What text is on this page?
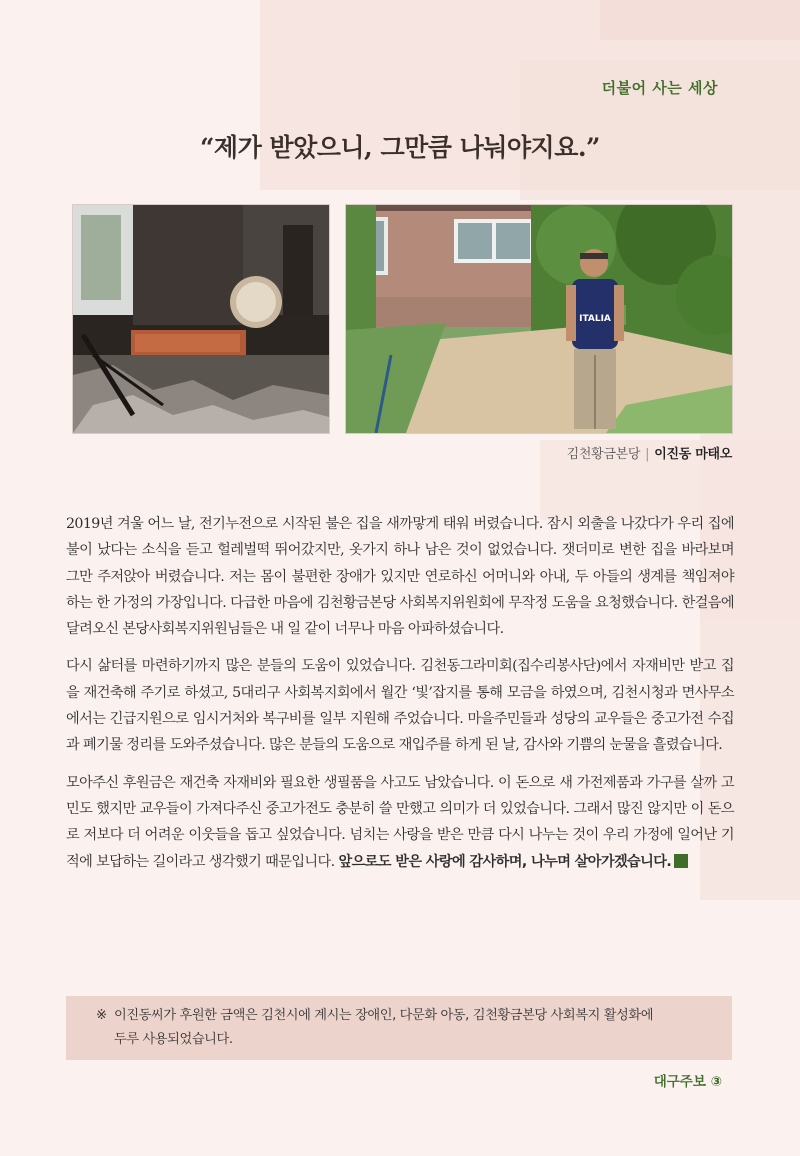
더불어 사는 세상
“제가 받았으니, 그만큼 나눠야지요.”
ITALIA
김천황금본당 | 이진동 마태오

2019년 겨울 어느 날, 전기누전으로 시작된 불은 집을 새까맣게 태워 버렸습니다. 잠시 외출을 나갔다가 우리 집에 불이 났다는 소식을 듣고 헐레벌떡 뛰어갔지만, 옷가지 하나 남은 것이 없었습니다. 잿더미로 변한 집을 바라보며 그만 주저앉아 버렸습니다. 저는 몸이 불편한 장애가 있지만 연로하신 어머니와 아내, 두 아들의 생계를 책임져야 하는 한 가정의 가장입니다. 다급한 마음에 김천황금본당 사회복지위원회에 무작정 도움을 요청했습니다. 한걸음에 달려오신 본당사회복지위원님들은 내 일 같이 너무나 마음 아파하셨습니다.

다시 삶터를 마련하기까지 많은 분들의 도움이 있었습니다. 김천동그라미회(집수리봉사단)에서 자재비만 받고 집을 재건축해 주기로 하셨고, 5대리구 사회복지회에서 월간 ‘빛’잡지를 통해 모금을 하였으며, 김천시청과 면사무소에서는 긴급지원으로 임시거처와 복구비를 일부 지원해 주었습니다. 마을주민들과 성당의 교우들은 중고가전 수집과 폐기물 정리를 도와주셨습니다. 많은 분들의 도움으로 재입주를 하게 된 날, 감사와 기쁨의 눈물을 흘렸습니다.

모아주신 후원금은 재건축 자재비와 필요한 생필품을 사고도 남았습니다. 이 돈으로 새 가전제품과 가구를 살까 고민도 했지만 교우들이 가져다주신 중고가전도 충분히 쓸 만했고 의미가 더 있었습니다. 그래서 많진 않지만 이 돈으로 저보다 더 어려운 이웃들을 돕고 싶었습니다. 넘치는 사랑을 받은 만큼 다시 나누는 것이 우리 가정에 일어난 기적에 보답하는 길이라고 생각했기 때문입니다. 앞으로도 받은 사랑에 감사하며, 나누며 살아가겠습니다.

※ 이진동씨가 후원한 금액은 김천시에 계시는 장애인, 다문화 아동, 김천황금본당 사회복지 활성화에
두루 사용되었습니다.
대구주보 ③
